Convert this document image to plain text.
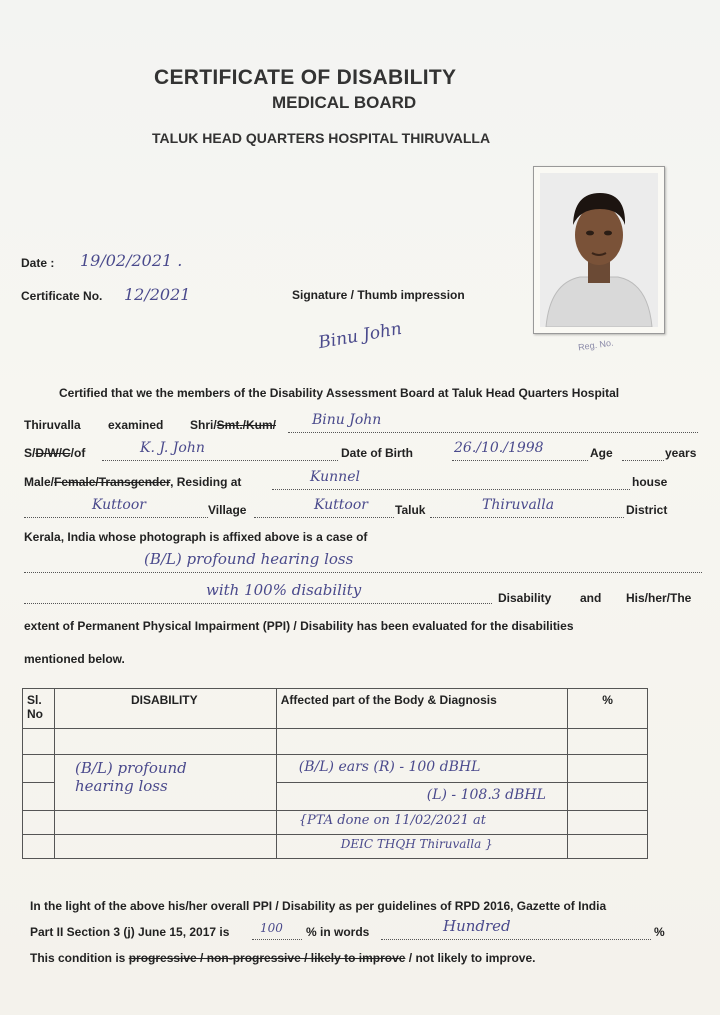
CERTIFICATE OF DISABILITY
MEDICAL BOARD
TALUK HEAD QUARTERS HOSPITAL THIRUVALLA
Reg. No.
Date : 19/02/2021 .
Certificate No. 12/2021	Signature / Thumb impression
Binu John
Certified that we the members of the Disability Assessment Board at Taluk Head Quarters Hospital
Thiruvalla examined Shri/Smt./Kum/	Binu John
S/D/W/C/of	K. J. John	Date of Birth	26./10./1998	Age	years
Male/Female/Transgender, Residing at	Kunnel	house
Kuttoor	Village	Kuttoor Taluk	Thiruvalla	District
Kerala, India whose photograph is affixed above is a case of
(B/L) profound hearing loss
with 100% disability	Disability and His/her/The
extent of Permanent Physical Impairment (PPI) / Disability has been evaluated for the disabilities
mentioned below.
Sl. No	DISABILITY	Affected part of the Body & Diagnosis	%

	(B/L) profound hearing loss	(B/L) ears (R) - 100 dBHL	

		(L) - 108.3 dBHL	

		{PTA done on 11/02/2021 at	

		DEIC THQH Thiruvalla }	

In the light of the above his/her overall PPI / Disability as per guidelines of RPD 2016, Gazette of India
Part II Section 3 (j) June 15, 2017 is	100 % in words	Hundred	%
This condition is progressive / non-progressive / likely to improve / not likely to improve.
